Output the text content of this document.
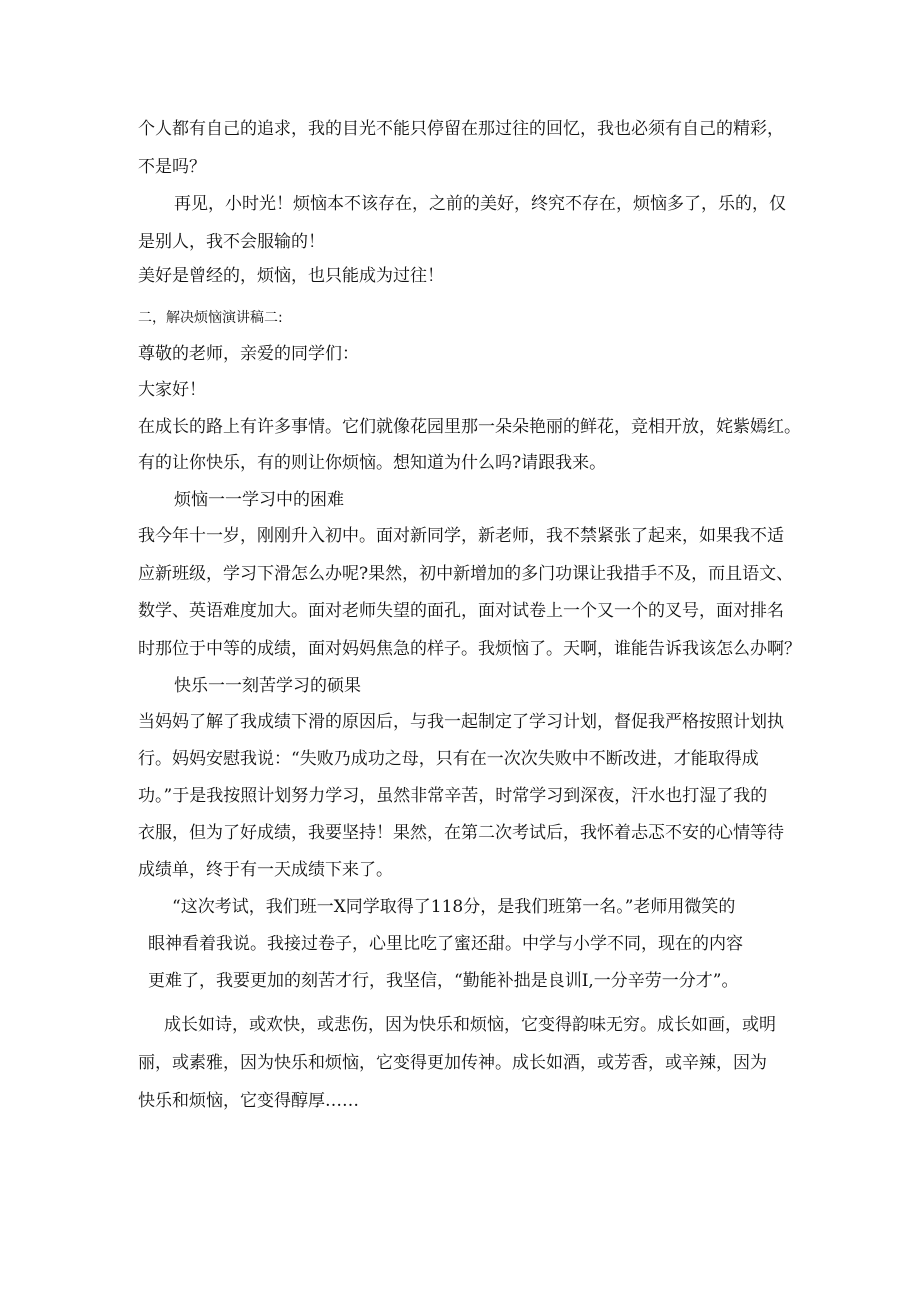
个人都有自己的追求，我的目光不能只停留在那过往的回忆，我也必须有自己的精彩，
不是吗？
再见，小时光！烦恼本不该存在，之前的美好，终究不存在，烦恼多了，乐的，仅
是别人，我不会服输的！
美好是曾经的，烦恼，也只能成为过往！
二，解决烦恼演讲稿二:
尊敬的老师，亲爱的同学们：
大家好！
在成长的路上有许多事情。它们就像花园里那一朵朵艳丽的鲜花，竞相开放，姹紫嫣红。
有的让你快乐，有的则让你烦恼。想知道为什么吗?请跟我来。
烦恼一一学习中的困难
我今年十一岁，刚刚升入初中。面对新同学，新老师，我不禁紧张了起来，如果我不适
应新班级，学习下滑怎么办呢?果然，初中新增加的多门功课让我措手不及，而且语文、
数学、英语难度加大。面对老师失望的面孔，面对试卷上一个又一个的叉号，面对排名
时那位于中等的成绩，面对妈妈焦急的样子。我烦恼了。天啊，谁能告诉我该怎么办啊？
快乐一一刻苦学习的硕果
当妈妈了解了我成绩下滑的原因后，与我一起制定了学习计划，督促我严格按照计划执
行。妈妈安慰我说：“失败乃成功之母，只有在一次次失败中不断改进，才能取得成
功。”于是我按照计划努力学习，虽然非常辛苦，时常学习到深夜，汗水也打湿了我的
衣服，但为了好成绩，我要坚持！果然，在第二次考试后，我怀着忐忑不安的心情等待
成绩单，终于有一天成绩下来了。
“这次考试，我们班一X同学取得了118分，是我们班第一名。”老师用微笑的
眼神看着我说。我接过卷子，心里比吃了蜜还甜。中学与小学不同，现在的内容
更难了，我要更加的刻苦才行，我坚信，“勤能补拙是良训I,一分辛劳一分才”。
成长如诗，或欢快，或悲伤，因为快乐和烦恼，它变得韵味无穷。成长如画，或明
丽，或素雅，因为快乐和烦恼，它变得更加传神。成长如酒，或芳香，或辛辣，因为
快乐和烦恼，它变得醇厚……
